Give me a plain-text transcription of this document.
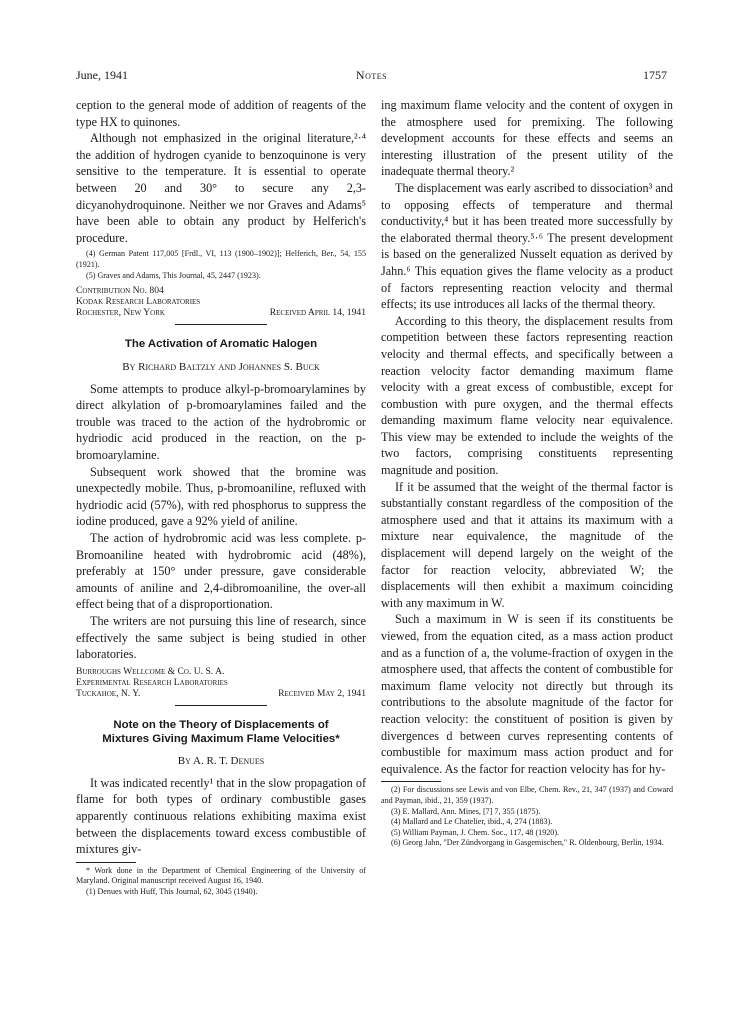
June, 1941	Notes	1757

ception to the general mode of addition of reagents of the type HX to quinones.

Although not emphasized in the original literature,²·⁴ the addition of hydrogen cyanide to benzoquinone is very sensitive to the temperature. It is essential to operate between 20 and 30° to secure any 2,3-dicyanohydroquinone. Neither we nor Graves and Adams⁵ have been able to obtain any product by Helferich's procedure.

(4) German Patent 117,005 [Frdl., VI, 113 (1900–1902)]; Helferich, Ber., 54, 155 (1921).

(5) Graves and Adams, This Journal, 45, 2447 (1923).

Contribution No. 804
Kodak Research Laboratories
Rochester, New York	Received April 14, 1941
The Activation of Aromatic Halogen
By Richard Baltzly and Johannes S. Buck

Some attempts to produce alkyl-p-bromoarylamines by direct alkylation of p-bromoarylamines failed and the trouble was traced to the action of the hydrobromic or hydriodic acid produced in the reaction, on the p-bromoarylamine.

Subsequent work showed that the bromine was unexpectedly mobile. Thus, p-bromoaniline, refluxed with hydriodic acid (57%), with red phosphorus to suppress the iodine produced, gave a 92% yield of aniline.

The action of hydrobromic acid was less complete. p-Bromoaniline heated with hydrobromic acid (48%), preferably at 150° under pressure, gave considerable amounts of aniline and 2,4-dibromoaniline, the over-all effect being that of a disproportionation.

The writers are not pursuing this line of research, since effectively the same subject is being studied in other laboratories.

Burroughs Wellcome & Co. U. S. A.
Experimental Research Laboratories
Tuckahoe, N. Y.	Received May 2, 1941
Note on the Theory of Displacements of
Mixtures Giving Maximum Flame Velocities*
By A. R. T. Denues

It was indicated recently¹ that in the slow propagation of flame for both types of ordinary combustible gases apparently continuous relations exhibiting maxima exist between the displacements toward excess combustible of mixtures giv-

* Work done in the Department of Chemical Engineering of the University of Maryland. Original manuscript received August 16, 1940.

(1) Denues with Huff, This Journal, 62, 3045 (1940).

ing maximum flame velocity and the content of oxygen in the atmosphere used for premixing. The following development accounts for these effects and seems an interesting illustration of the present utility of the inadequate thermal theory.²

The displacement was early ascribed to dissociation³ and to opposing effects of temperature and thermal conductivity,⁴ but it has been treated more successfully by the elaborated thermal theory.⁵·⁶ The present development is based on the generalized Nusselt equation as derived by Jahn.⁶ This equation gives the flame velocity as a product of factors representing reaction velocity and thermal effects; its use introduces all lacks of the thermal theory.

According to this theory, the displacement results from competition between these factors representing reaction velocity and thermal effects, and specifically between a reaction velocity factor demanding maximum flame velocity with a great excess of combustible, except for combustion with pure oxygen, and the thermal effects demanding maximum flame velocity near equivalence. This view may be extended to include the weights of the two factors, comprising constituents representing magnitude and position.

If it be assumed that the weight of the thermal factor is substantially constant regardless of the composition of the atmosphere used and that it attains its maximum with a mixture near equivalence, the magnitude of the displacement will depend largely on the weight of the factor for reaction velocity, abbreviated W; the displacements will then exhibit a maximum coinciding with any maximum in W.

Such a maximum in W is seen if its constituents be viewed, from the equation cited, as a mass action product and as a function of a, the volume-fraction of oxygen in the atmosphere used, that affects the content of combustible for maximum flame velocity not directly but through its contributions to the absolute magnitude of the factor for reaction velocity: the constituent of position is given by divergences d between curves representing contents of combustible for maximum mass action product and for equivalence. As the factor for reaction velocity has for hy-

(2) For discussions see Lewis and von Elbe, Chem. Rev., 21, 347 (1937) and Coward and Payman, ibid., 21, 359 (1937).

(3) E. Mallard, Ann. Mines, [7] 7, 355 (1875).

(4) Mallard and Le Chatelier, ibid., 4, 274 (1883).

(5) William Payman, J. Chem. Soc., 117, 48 (1920).

(6) Georg Jahn, "Der Zündvorgang in Gasgemischen," R. Oldenbourg, Berlin, 1934.
